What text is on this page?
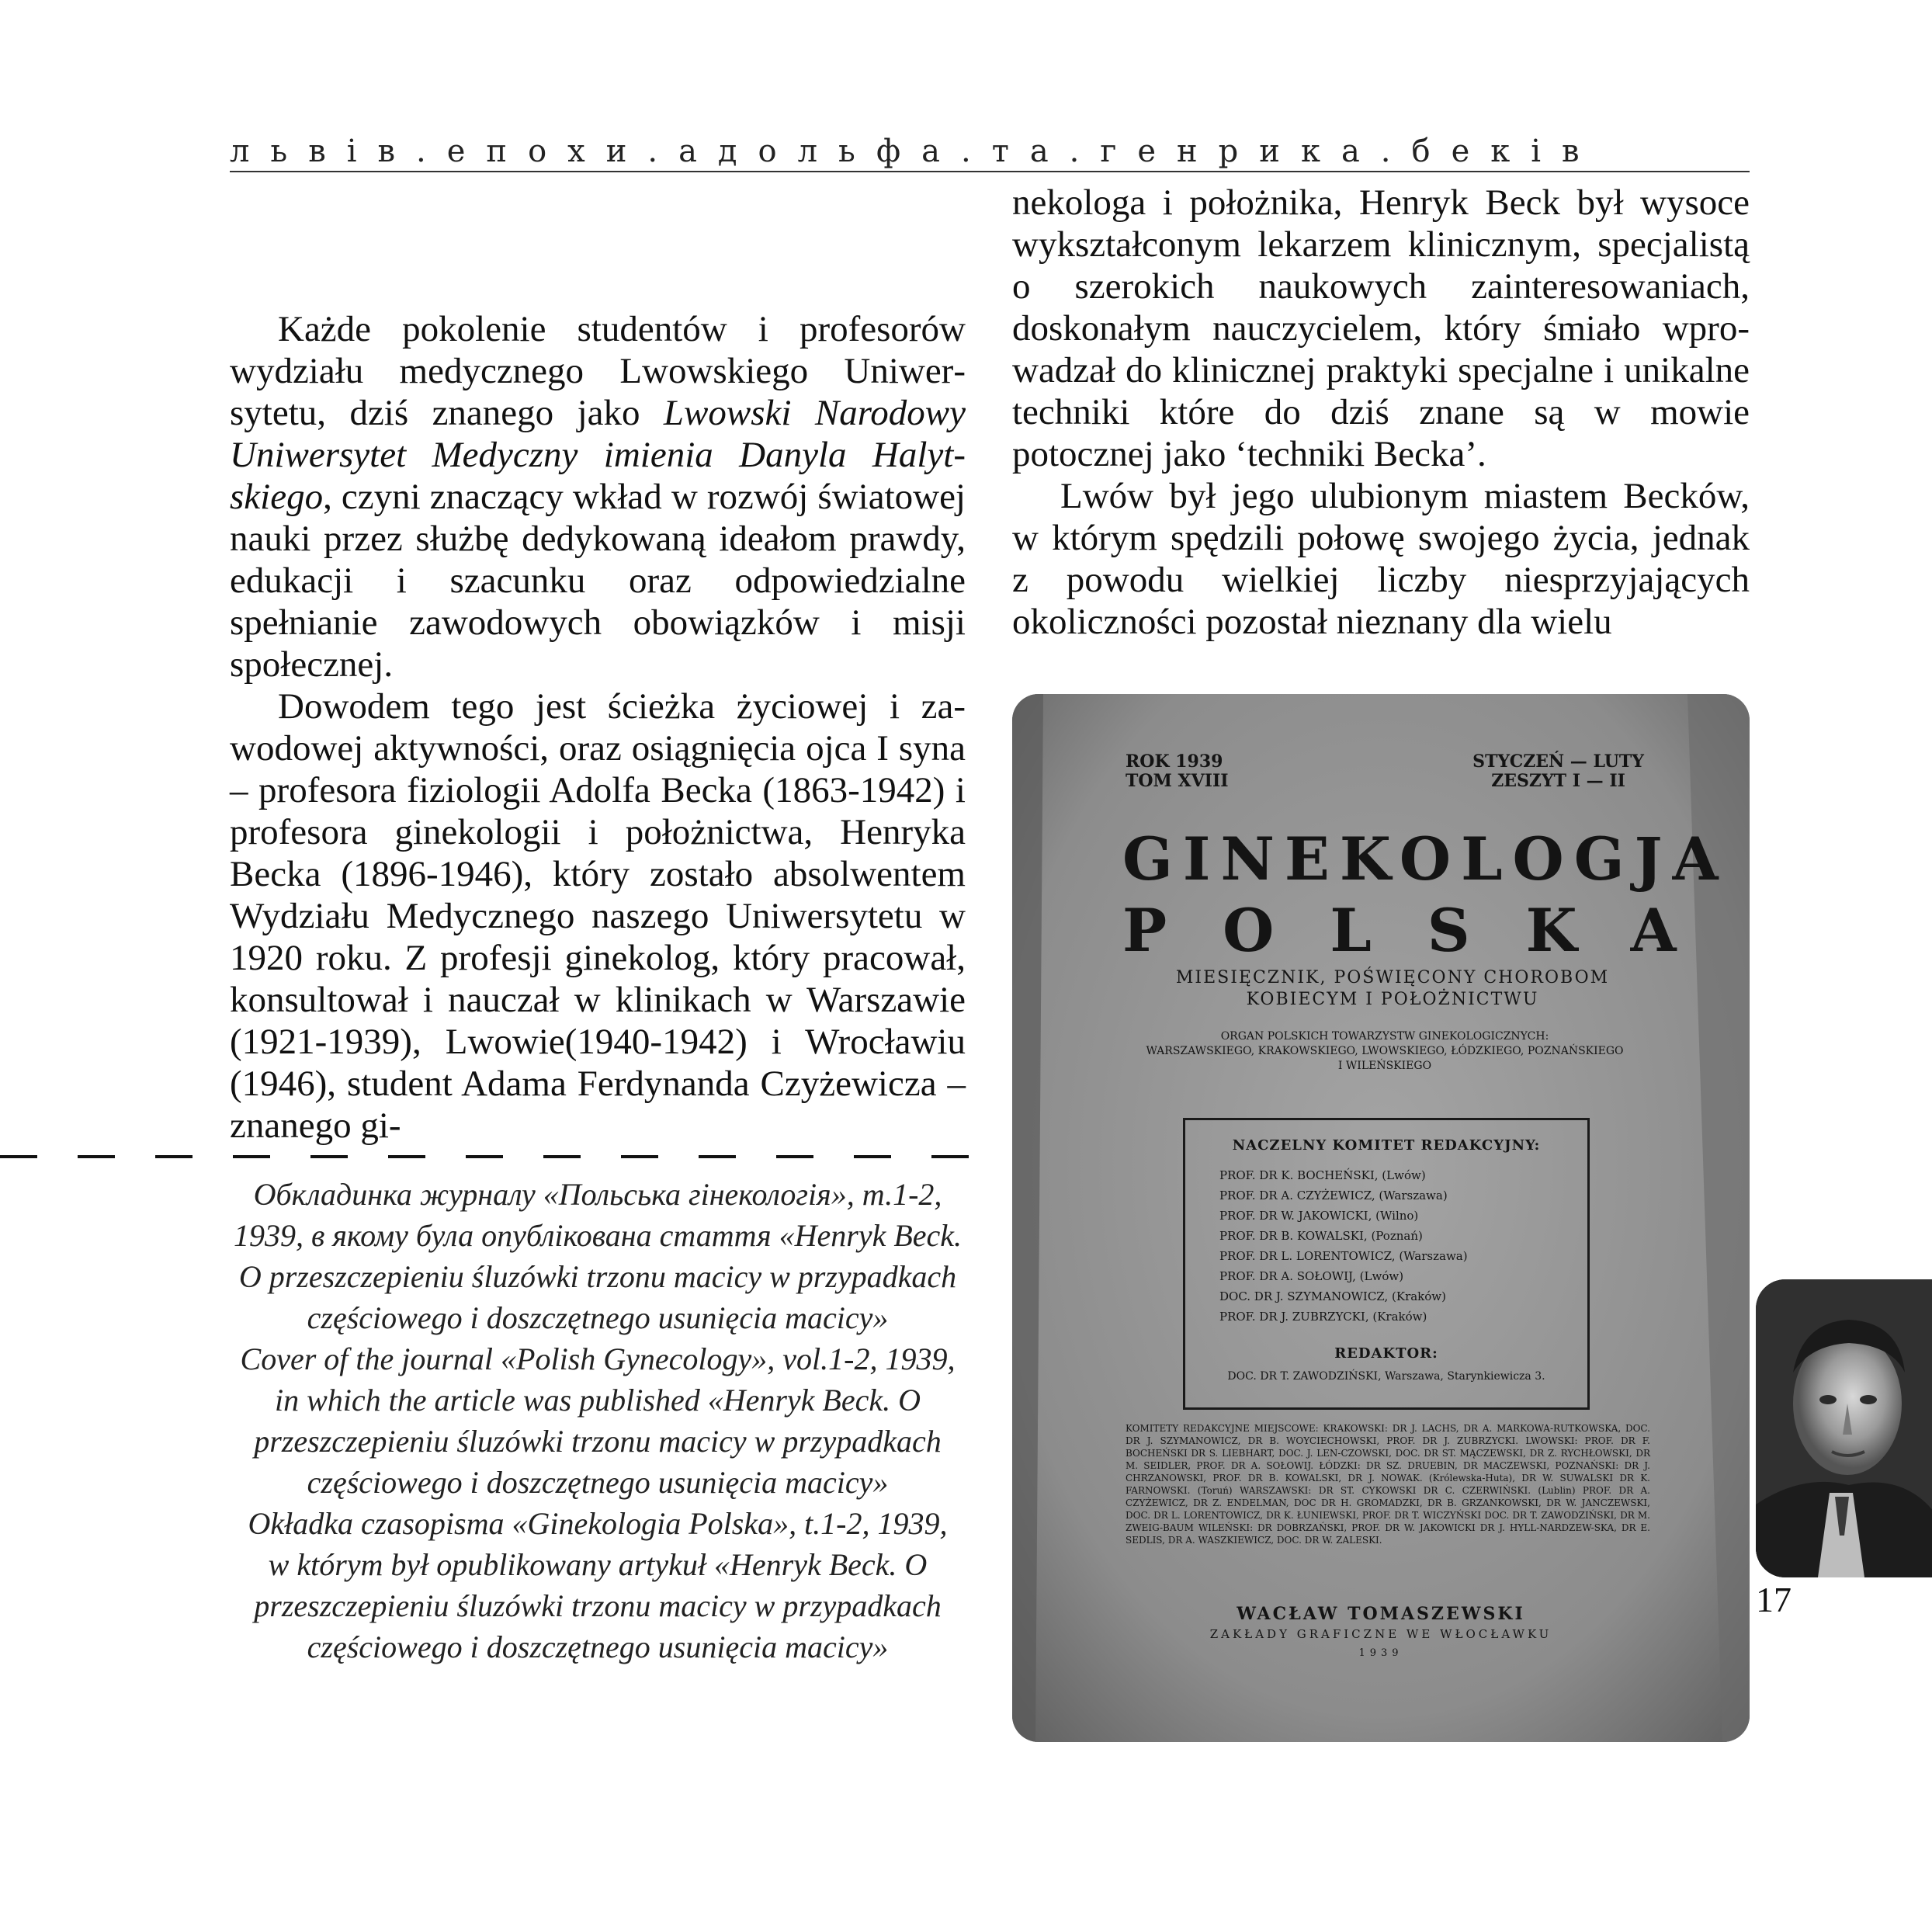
львів.епохи.адольфа.та.генрика.беків

Każde pokolenie studentów i profesorów wydziału medycznego Lwowskiego Uniwersytetu, dziś znanego jako Lwowski Narodowy Uniwersytet Medyczny imienia Danyla Halytskiego, czyni znaczący wkład w rozwój światowej nauki przez służbę dedykowaną ideałom prawdy, edukacji i szacunku oraz odpowiedzialne spełnianie zawodowych obowiązków i misji społecznej.

Dowodem tego jest ścieżka życiowej i zawodowej aktywności, oraz osiągnięcia ojca I syna – profesora fiziologii Adolfa Becka (1863-1942) i profesora ginekologii i położnictwa, Henryka Becka (1896-1946), który zostało absolwentem Wydziału Medycznego naszego Uniwersytetu w 1920 roku. Z profesji ginekolog, który pracował, konsultował i nauczał w klinikach w Warszawie (1921-1939), Lwowie(1940-1942) i Wrocławiu (1946), student Adama Ferdynanda Czyżewicza – znanego gi-

nekologa i położnika, Henryk Beck był wysoce wykształconym lekarzem klinicznym, specjalistą o szerokich naukowych zainteresowaniach, doskonałym nauczycielem, który śmiało wprowadzał do klinicznej praktyki specjalne i unikalne techniki które do dziś znane są w mowie potocznej jako ‘techniki Becka’.

Lwów był jego ulubionym miastem Becków, w którym spędzili połowę swojego życia, jednak z powodu wielkiej liczby niesprzyjających okoliczności pozostał nieznany dla wielu

Обкладинка журналу «Польська гінекологія», т.1-2,
1939, в якому була опублікована стаття «Henryk Beck.
O przeszczepieniu śluzówki trzonu macicy w przypadkach
częściowego i doszczętnego usunięcia macicy»
Cover of the journal «Polish Gynecology», vol.1-2, 1939,
in which the article was published «Henryk Beck. O
przeszczepieniu śluzówki trzonu macicy w przypadkach
częściowego i doszczętnego usunięcia macicy»
Okładka czasopisma «Ginekologia Polska», t.1-2, 1939,
w którym był opublikowany artykuł «Henryk Beck. O
przeszczepieniu śluzówki trzonu macicy w przypadkach
częściowego i doszczętnego usunięcia macicy»
ROK 1939
TOM XVIII
STYCZEŃ — LUTY
ZESZYT I — II
GINEKOLOGJA
POLSKA
MIESIĘCZNIK, POŚWIĘCONY CHOROBOM
KOBIECYM I POŁOŻNICTWU
ORGAN POLSKICH TOWARZYSTW GINEKOLOGICZNYCH:
WARSZAWSKIEGO, KRAKOWSKIEGO, LWOWSKIEGO, ŁÓDZKIEGO, POZNAŃSKIEGO
I WILEŃSKIEGO
NACZELNY KOMITET REDAKCYJNY:
PROF. DR K. BOCHEŃSKI, (Lwów)
PROF. DR A. CZYŻEWICZ, (Warszawa)
PROF. DR W. JAKOWICKI, (Wilno)
PROF. DR B. KOWALSKI, (Poznań)
PROF. DR L. LORENTOWICZ, (Warszawa)
PROF. DR A. SOŁOWIJ, (Lwów)
DOC. DR J. SZYMANOWICZ, (Kraków)
PROF. DR J. ZUBRZYCKI, (Kraków)
REDAKTOR:
DOC. DR T. ZAWODZIŃSKI, Warszawa, Starynkiewicza 3.
KOMITETY REDAKCYJNE MIEJSCOWE: KRAKOWSKI: DR J. LACHS, DR A. MARKOWA-RUTKOWSKA, DOC. DR J. SZYMANOWICZ, DR B. WOYCIECHOWSKI, PROF. DR J. ZUBRZYCKI. LWOWSKI: PROF. DR F. BOCHEŃSKI DR S. LIEBHART, DOC. J. LEN-CZOWSKI, DOC. DR ST. MĄCZEWSKI, DR Z. RYCHŁOWSKI, DR M. SEIDLER, PROF. DR A. SOŁOWIJ. ŁÓDZKI: DR SZ. DRUEBIN, DR MACZEWSKI, POZNAŃSKI: DR J. CHRZANOWSKI, PROF. DR B. KOWALSKI, DR J. NOWAK. (Królewska-Huta), DR W. SUWALSKI DR K. FARNOWSKI. (Toruń) WARSZAWSKI: DR ST. CYKOWSKI DR C. CZERWIŃSKI. (Lublin) PROF. DR A. CZYŻEWICZ, DR Z. ENDELMAN, DOC DR H. GROMADZKI, DR B. GRZANKOWSKI, DR W. JANCZEWSKI, DOC. DR L. LORENTOWICZ, DR K. ŁUNIEWSKI, PROF. DR T. WICZYŃSKI DOC. DR T. ZAWODZIŃSKI, DR M. ZWEIG-BAUM WILEŃSKI: DR DOBRZAŃSKI, PROF. DR W. JAKOWICKI DR J. HYLL-NARDZEW-SKA, DR E. SEDLIS, DR A. WASZKIEWICZ, DOC. DR W. ZALESKI.
WACŁAW TOMASZEWSKI
ZAKŁADY GRAFICZNE WE WŁOCŁAWKU
1939
17
